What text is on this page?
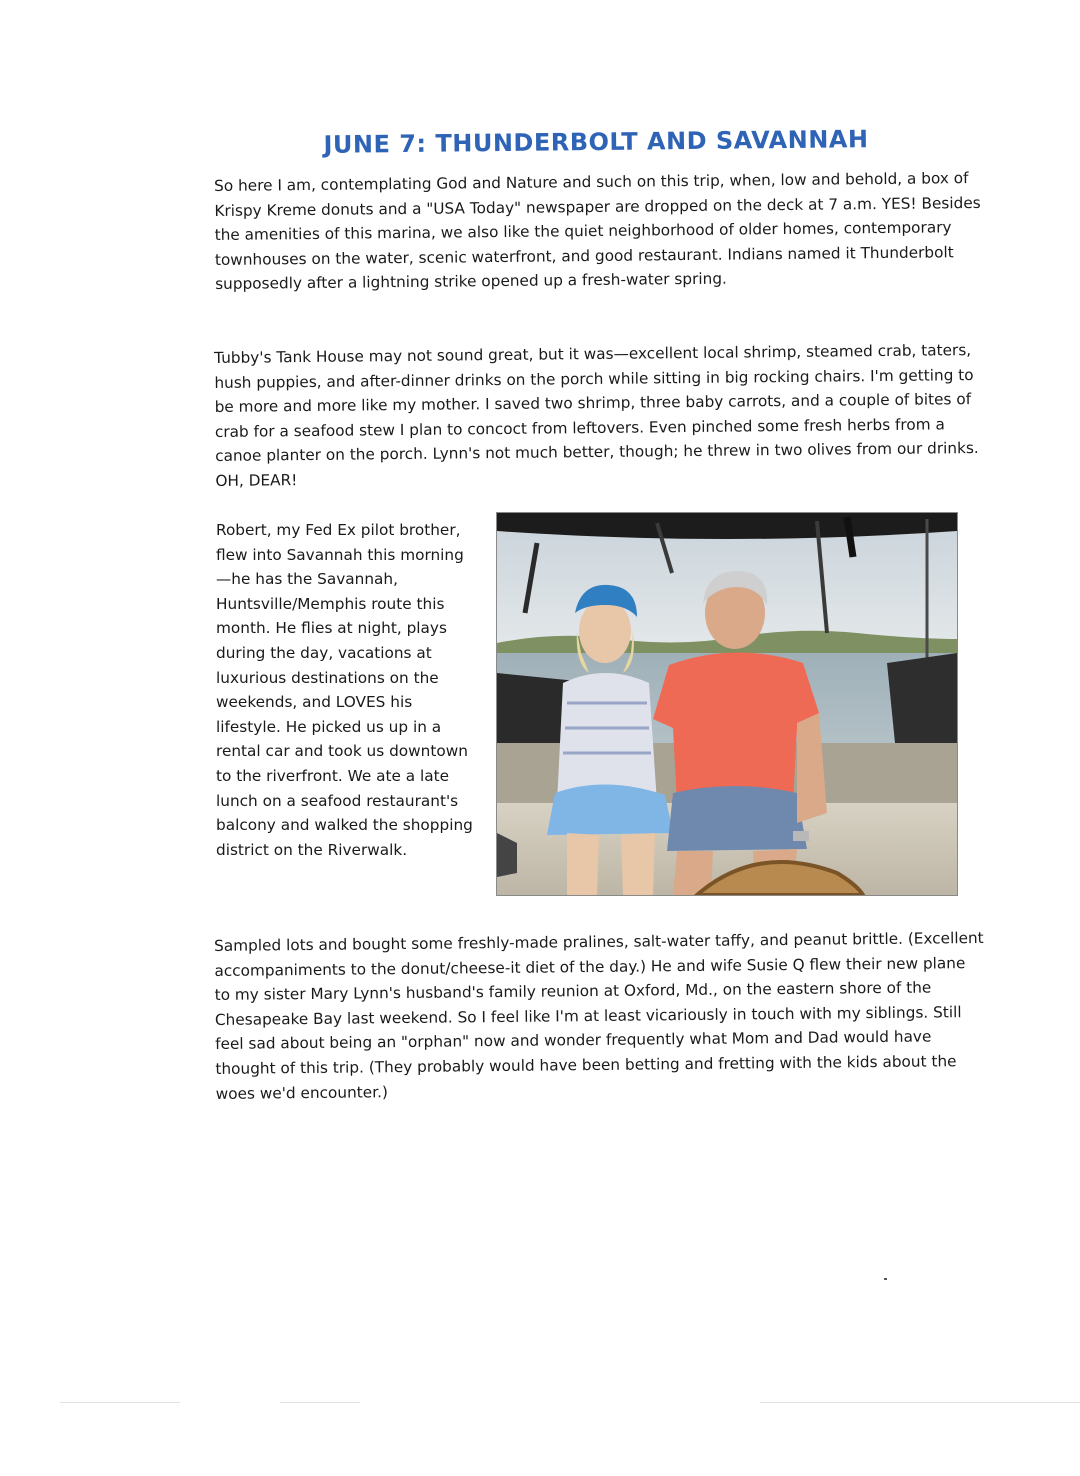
JUNE 7: THUNDERBOLT AND SAVANNAH

So here I am, contemplating God and Nature and such on this trip, when, low and behold, a box of Krispy Kreme donuts and a "USA Today" newspaper are dropped on the deck at 7 a.m. YES! Besides the amenities of this marina, we also like the quiet neighborhood of older homes, contemporary townhouses on the water, scenic waterfront, and good restaurant. Indians named it Thunderbolt supposedly after a lightning strike opened up a fresh-water spring.

Tubby's Tank House may not sound great, but it was—excellent local shrimp, steamed crab, taters, hush puppies, and after-dinner drinks on the porch while sitting in big rocking chairs. I'm getting to be more and more like my mother. I saved two shrimp, three baby carrots, and a couple of bites of crab for a seafood stew I plan to concoct from leftovers. Even pinched some fresh herbs from a canoe planter on the porch. Lynn's not much better, though; he threw in two olives from our drinks. OH, DEAR!

Robert, my Fed Ex pilot brother, flew into Savannah this morning—he has the Savannah, Huntsville/Memphis route this month. He flies at night, plays during the day, vacations at luxurious destinations on the weekends, and LOVES his lifestyle. He picked us up in a rental car and took us downtown to the riverfront. We ate a late lunch on a seafood restaurant's balcony and walked the shopping district on the Riverwalk.

Sampled lots and bought some freshly-made pralines, salt-water taffy, and peanut brittle. (Excellent accompaniments to the donut/cheese-it diet of the day.) He and wife Susie Q flew their new plane to my sister Mary Lynn's husband's family reunion at Oxford, Md., on the eastern shore of the Chesapeake Bay last weekend. So I feel like I'm at least vicariously in touch with my siblings. Still feel sad about being an "orphan" now and wonder frequently what Mom and Dad would have thought of this trip. (They probably would have been betting and fretting with the kids about the woes we'd encounter.)
